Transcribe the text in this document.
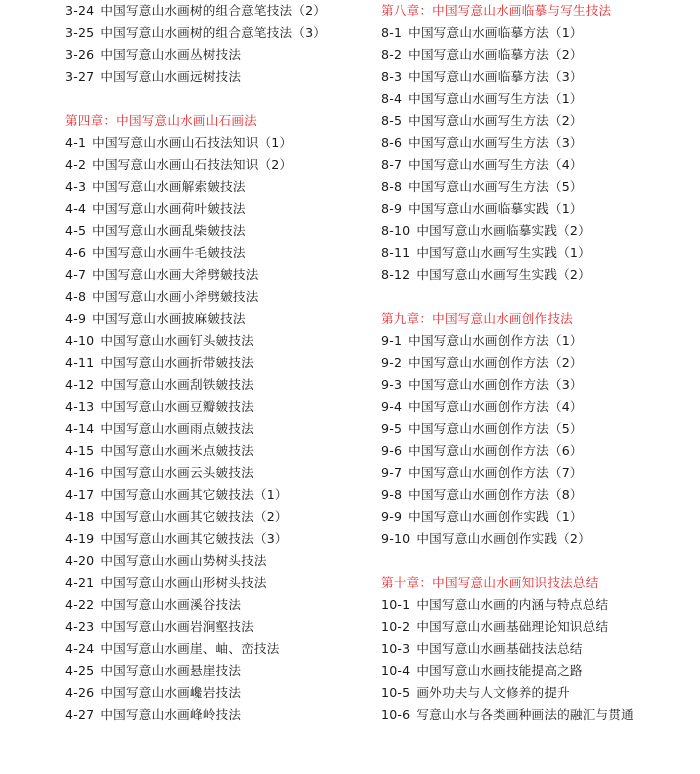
3-24 中国写意山水画树的组合意笔技法（2）
3-25 中国写意山水画树的组合意笔技法（3）
3-26 中国写意山水画丛树技法
3-27 中国写意山水画远树技法
第四章：中国写意山水画山石画法
4-1 中国写意山水画山石技法知识（1）
4-2 中国写意山水画山石技法知识（2）
4-3 中国写意山水画解索皴技法
4-4 中国写意山水画荷叶皴技法
4-5 中国写意山水画乱柴皴技法
4-6 中国写意山水画牛毛皴技法
4-7 中国写意山水画大斧劈皴技法
4-8 中国写意山水画小斧劈皴技法
4-9 中国写意山水画披麻皴技法
4-10 中国写意山水画钉头皴技法
4-11 中国写意山水画折带皴技法
4-12 中国写意山水画刮铁皴技法
4-13 中国写意山水画豆瓣皴技法
4-14 中国写意山水画雨点皴技法
4-15 中国写意山水画米点皴技法
4-16 中国写意山水画云头皴技法
4-17 中国写意山水画其它皴技法（1）
4-18 中国写意山水画其它皴技法（2）
4-19 中国写意山水画其它皴技法（3）
4-20 中国写意山水画山势树头技法
4-21 中国写意山水画山形树头技法
4-22 中国写意山水画溪谷技法
4-23 中国写意山水画岩涧壑技法
4-24 中国写意山水画崖、岫、峦技法
4-25 中国写意山水画悬崖技法
4-26 中国写意山水画巉岩技法
4-27 中国写意山水画峰岭技法
第八章：中国写意山水画临摹与写生技法
8-1 中国写意山水画临摹方法（1）
8-2 中国写意山水画临摹方法（2）
8-3 中国写意山水画临摹方法（3）
8-4 中国写意山水画写生方法（1）
8-5 中国写意山水画写生方法（2）
8-6 中国写意山水画写生方法（3）
8-7 中国写意山水画写生方法（4）
8-8 中国写意山水画写生方法（5）
8-9 中国写意山水画临摹实践（1）
8-10 中国写意山水画临摹实践（2）
8-11 中国写意山水画写生实践（1）
8-12 中国写意山水画写生实践（2）
第九章：中国写意山水画创作技法
9-1 中国写意山水画创作方法（1）
9-2 中国写意山水画创作方法（2）
9-3 中国写意山水画创作方法（3）
9-4 中国写意山水画创作方法（4）
9-5 中国写意山水画创作方法（5）
9-6 中国写意山水画创作方法（6）
9-7 中国写意山水画创作方法（7）
9-8 中国写意山水画创作方法（8）
9-9 中国写意山水画创作实践（1）
9-10 中国写意山水画创作实践（2）
第十章：中国写意山水画知识技法总结
10-1 中国写意山水画的内涵与特点总结
10-2 中国写意山水画基础理论知识总结
10-3 中国写意山水画基础技法总结
10-4 中国写意山水画技能提高之路
10-5 画外功夫与人文修养的提升
10-6 写意山水与各类画种画法的融汇与贯通
